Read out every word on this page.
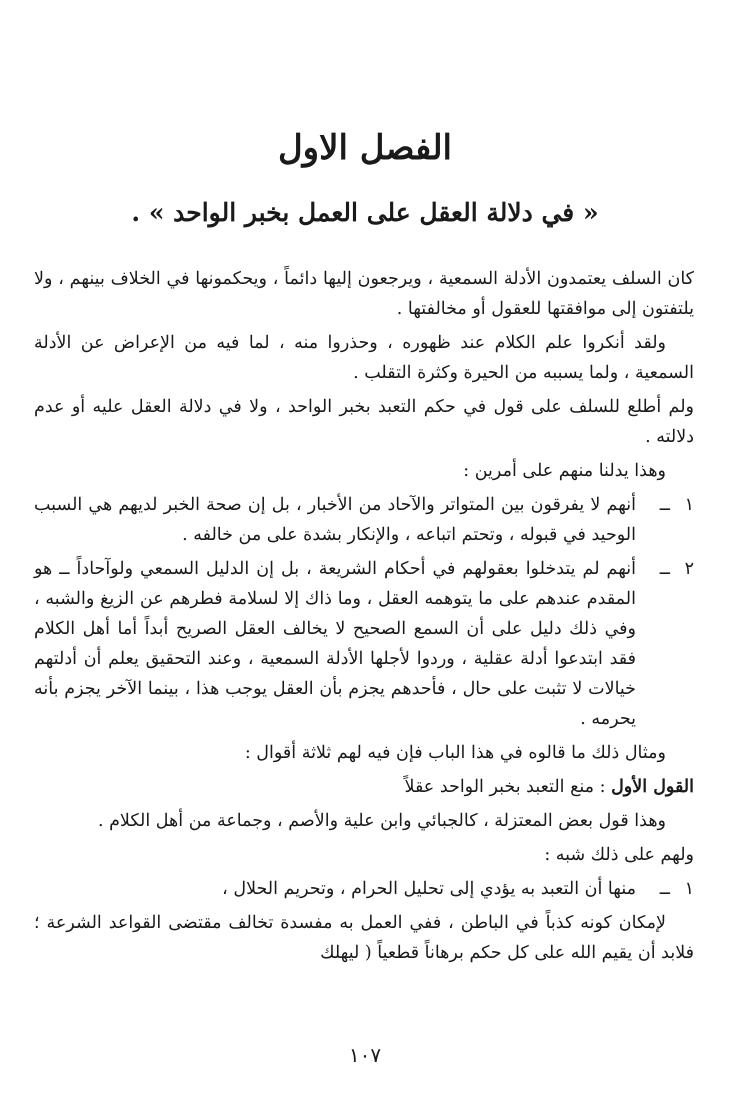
الفصل الاول
« في دلالة العقل على العمل بخبر الواحد » .

كان السلف يعتمدون الأدلة السمعية ، ويرجعون إليها دائماً ، ويحكمونها في الخلاف بينهم ، ولا يلتفتون إلى موافقتها للعقول أو مخالفتها .

ولقد أنكروا علم الكلام عند ظهوره ، وحذروا منه ، لما فيه من الإعراض عن الأدلة السمعية ، ولما يسببه من الحيرة وكثرة التقلب .

ولم أطلع للسلف على قول في حكم التعبد بخبر الواحد ، ولا في دلالة العقل عليه أو عدم دلالته .

وهذا يدلنا منهم على أمرين :

١
ــ
أنهم لا يفرقون بين المتواتر والآحاد من الأخبار ، بل إن صحة الخبر لديهم هي السبب الوحيد في قبوله ، وتحتم اتباعه ، والإنكار بشدة على من خالفه .
٢
ــ
أنهم لم يتدخلوا بعقولهم في أحكام الشريعة ، بل إن الدليل السمعي ولوآحاداً ــ هو المقدم عندهم على ما يتوهمه العقل ، وما ذاك إلا لسلامة فطرهم عن الزيغ والشبه ، وفي ذلك دليل على أن السمع الصحيح لا يخالف العقل الصريح أبداً أما أهل الكلام فقد ابتدعوا أدلة عقلية ، وردوا لأجلها الأدلة السمعية ، وعند التحقيق يعلم أن أدلتهم خيالات لا تثبت على حال ، فأحدهم يجزم بأن العقل يوجب هذا ، بينما الآخر يجزم بأنه يحرمه .

ومثال ذلك ما قالوه في هذا الباب فإن فيه لهم ثلاثة أقوال :

القول الأول : منع التعبد بخبر الواحد عقلاً

وهذا قول بعض المعتزلة ، كالجبائي وابن علية والأصم ، وجماعة من أهل الكلام .

ولهم على ذلك شبه :

١
ــ
منها أن التعبد به يؤدي إلى تحليل الحرام ، وتحريم الحلال ،

لإمكان كونه كذباً في الباطن ، ففي العمل به مفسدة تخالف مقتضى القواعد الشرعة ؛ فلابد أن يقيم الله على كل حكم برهاناً قطعياً ( ليهلك

١٠٧
